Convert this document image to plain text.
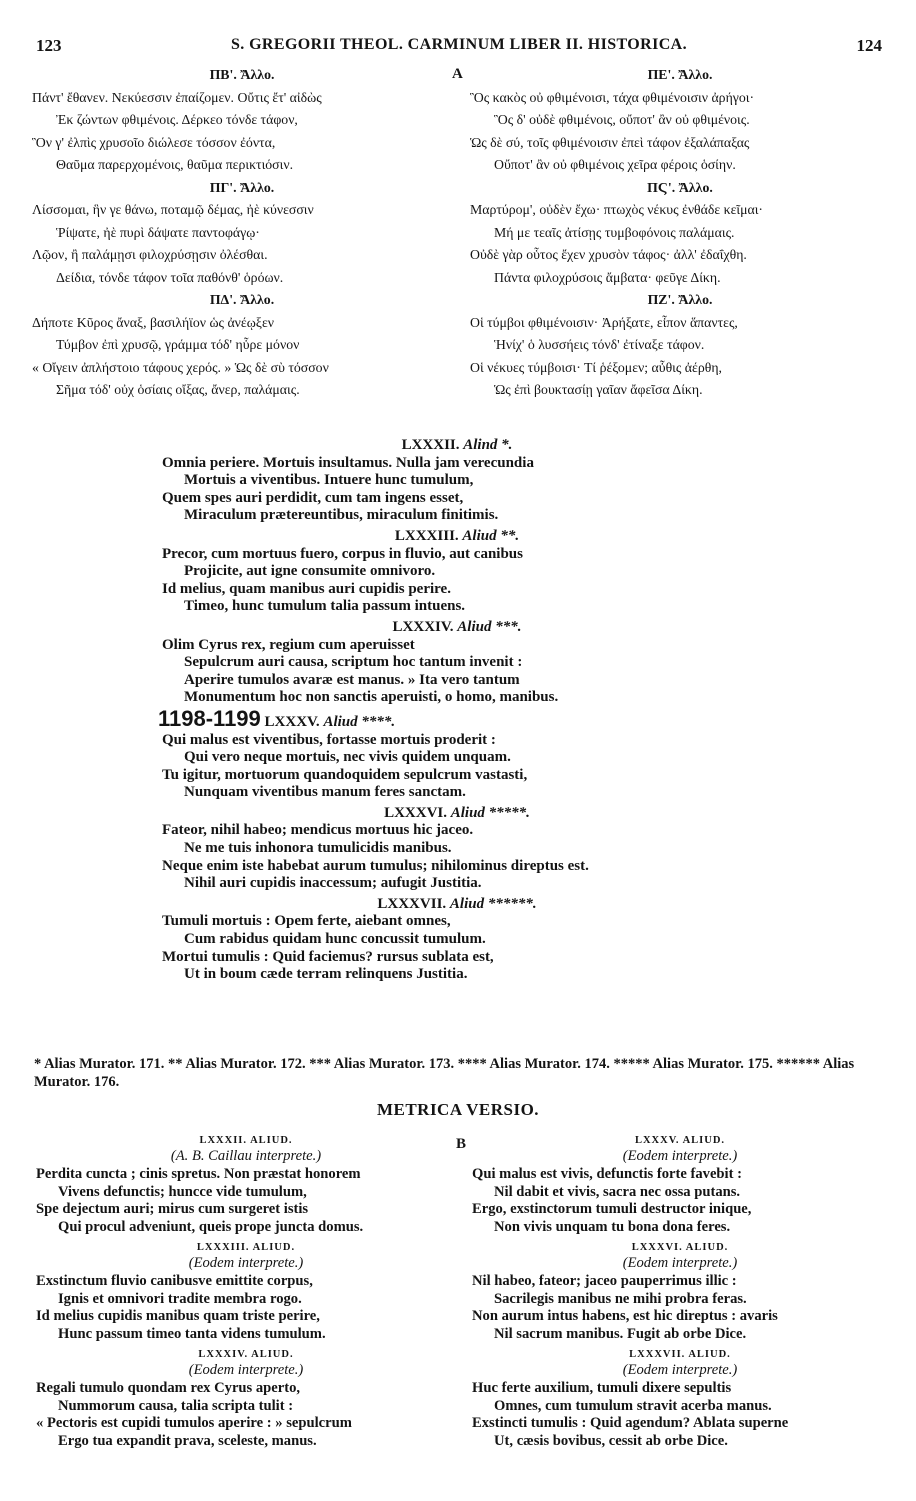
123	S. GREGORII THEOL. CARMINUM LIBER II. HISTORICA.	124
A
ΠΒ'. Ἄλλο.
Πάντ' ἔθανεν. Νεκύεσσιν ἐπαίζομεν. Οὔτις ἔτ' αἰδὼς
Ἐκ ζώντων φθιμένοις. Δέρκεο τόνδε τάφον,
Ὃν γ' ἐλπὶς χρυσοῖο διώλεσε τόσσον ἐόντα,
Θαῦμα παρερχομένοις, θαῦμα περικτιόσιν.
ΠΓ'. Ἄλλο.
Λίσσομαι, ἣν γε θάνω, ποταμῷ δέμας, ἠὲ κύνεσσιν
Ῥίψατε, ἠὲ πυρὶ δάψατε παντοφάγῳ·
Λῷον, ἢ παλάμῃσι φιλοχρύσῃσιν ὀλέσθαι.
Δείδια, τόνδε τάφον τοῖα παθόνθ' ὁρόων.
ΠΔ'. Ἄλλο.
Δήποτε Κῦρος ἄναξ, βασιλήϊον ὡς ἀνέῳξεν
Τύμβον ἐπὶ χρυσῷ, γράμμα τόδ' ηὗρε μόνον
« Οἴγειν ἀπλήστοιο τάφους χερός. » Ὡς δὲ σὺ τόσσον
Σῆμα τόδ' οὐχ ὁσίαις οἴξας, ἄνερ, παλάμαις.
ΠΕ'. Ἄλλο.
Ὃς κακὸς οὐ φθιμένοισι, τάχα φθιμένοισιν ἀρήγοι·
Ὃς δ' οὐδὲ φθιμένοις, οὔποτ' ἂν οὐ φθιμένοις.
Ὡς δὲ σύ, τοῖς φθιμένοισιν ἐπεὶ τάφον ἐξαλάπαξας
Οὔποτ' ἂν οὐ φθιμένοις χεῖρα φέροις ὁσίην.
ΠϚ'. Ἄλλο.
Μαρτύρομ', οὐδὲν ἔχω· πτωχὸς νέκυς ἐνθάδε κεῖμαι·
Μή με τεαῖς ἀτίσῃς τυμβοφόνοις παλάμαις.
Οὐδὲ γὰρ οὗτος ἔχεν χρυσὸν τάφος· ἀλλ' ἐδαΐχθη.
Πάντα φιλοχρύσοις ἄμβατα· φεῦγε Δίκη.
ΠΖ'. Ἄλλο.
Οἱ τύμβοι φθιμένοισιν· Ἀρήξατε, εἶπον ἅπαντες,
Ἡνίχ' ὁ λυσσήεις τόνδ' ἐτίναξε τάφον.
Οἱ νέκυες τύμβοισι· Τί ῥέξομεν; αὖθις ἀέρθη,
Ὡς ἐπὶ βουκτασίῃ γαῖαν ἄφεῖσα Δίκη.
LXXXII. Alind *.
Omnia periere. Mortuis insultamus. Nulla jam verecundia
Mortuis a viventibus. Intuere hunc tumulum,
Quem spes auri perdidit, cum tam ingens esset,
Miraculum prætereuntibus, miraculum finitimis.
LXXXIII. Aliud **.
Precor, cum mortuus fuero, corpus in fluvio, aut canibus
Projicite, aut igne consumite omnivoro.
Id melius, quam manibus auri cupidis perire.
Timeo, hunc tumulum talia passum intuens.
LXXXIV. Aliud ***.
Olim Cyrus rex, regium cum aperuisset
Sepulcrum auri causa, scriptum hoc tantum invenit :
Aperire tumulos avaræ est manus. » Ita vero tantum
Monumentum hoc non sanctis aperuisti, o homo, manibus.
1198-1199 LXXXV. Aliud ****.
Qui malus est viventibus, fortasse mortuis proderit :
Qui vero neque mortuis, nec vivis quidem unquam.
Tu igitur, mortuorum quandoquidem sepulcrum vastasti,
Nunquam viventibus manum feres sanctam.
LXXXVI. Aliud *****.
Fateor, nihil habeo; mendicus mortuus hic jaceo.
Ne me tuis inhonora tumulicidis manibus.
Neque enim iste habebat aurum tumulus; nihilominus direptus est.
Nihil auri cupidis inaccessum; aufugit Justitia.
LXXXVII. Aliud ******.
Tumuli mortuis : Opem ferte, aiebant omnes,
Cum rabidus quidam hunc concussit tumulum.
Mortui tumulis : Quid faciemus? rursus sublata est,
Ut in boum cæde terram relinquens Justitia.
* Alias Murator. 171. ** Alias Murator. 172. *** Alias Murator. 173. **** Alias Murator. 174. ***** Alias Murator. 175. ****** Alias Murator. 176.
METRICA VERSIO.
B
LXXXII. ALIUD.
(A. B. Caillau interprete.)
Perdita cuncta ; cinis spretus. Non præstat honorem
Vivens defunctis; huncce vide tumulum,
Spe dejectum auri; mirus cum surgeret istis
Qui procul adveniunt, queis prope juncta domus.
LXXXIII. ALIUD.
(Eodem interprete.)
Exstinctum fluvio canibusve emittite corpus,
Ignis et omnivori tradite membra rogo.
Id melius cupidis manibus quam triste perire,
Hunc passum timeo tanta videns tumulum.
LXXXIV. ALIUD.
(Eodem interprete.)
Regali tumulo quondam rex Cyrus aperto,
Nummorum causa, talia scripta tulit :
« Pectoris est cupidi tumulos aperire : » sepulcrum
Ergo tua expandit prava, sceleste, manus.
LXXXV. ALIUD.
(Eodem interprete.)
Qui malus est vivis, defunctis forte favebit :
Nil dabit et vivis, sacra nec ossa putans.
Ergo, exstinctorum tumuli destructor inique,
Non vivis unquam tu bona dona feres.
LXXXVI. ALIUD.
(Eodem interprete.)
Nil habeo, fateor; jaceo pauperrimus illic :
Sacrilegis manibus ne mihi probra feras.
Non aurum intus habens, est hic direptus : avaris
Nil sacrum manibus. Fugit ab orbe Dice.
LXXXVII. ALIUD.
(Eodem interprete.)
Huc ferte auxilium, tumuli dixere sepultis
Omnes, cum tumulum stravit acerba manus.
Exstincti tumulis : Quid agendum? Ablata superne
Ut, cæsis bovibus, cessit ab orbe Dice.
